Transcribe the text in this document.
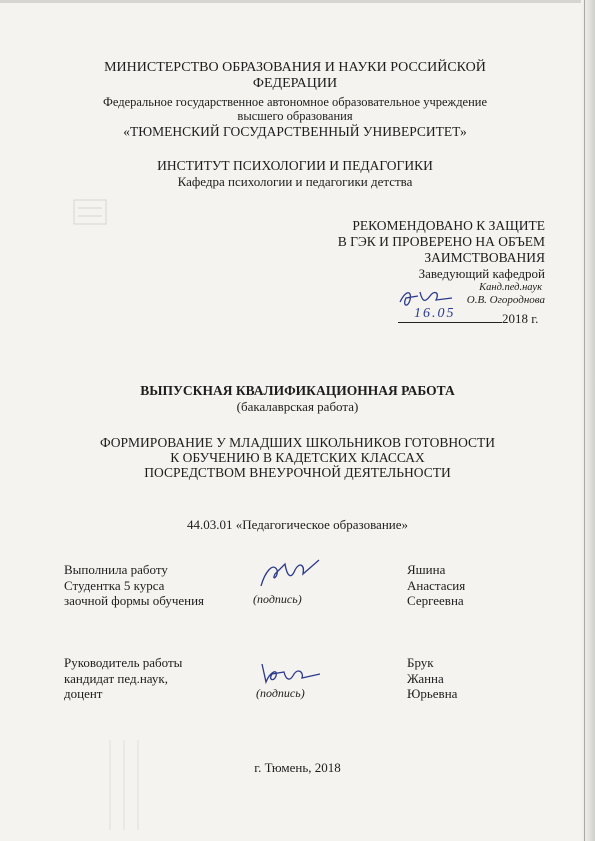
МИНИСТЕРСТВО ОБРАЗОВАНИЯ И НАУКИ РОССИЙСКОЙ
ФЕДЕРАЦИИ
Федеральное государственное автономное образовательное учреждение
высшего образования
«ТЮМЕНСКИЙ ГОСУДАРСТВЕННЫЙ УНИВЕРСИТЕТ»
ИНСТИТУТ ПСИХОЛОГИИ И ПЕДАГОГИКИ
Кафедра психологии и педагогики детства
РЕКОМЕНДОВАНО К ЗАЩИТЕ
В ГЭК И ПРОВЕРЕНО НА ОБЪЕМ
ЗАИМСТВОВАНИЯ
Заведующий кафедрой
Канд.пед.наук
О.В. Огороднова
16.05	2018 г.
ВЫПУСКНАЯ КВАЛИФИКАЦИОННАЯ РАБОТА
(бакалаврская работа)
ФОРМИРОВАНИЕ У МЛАДШИХ ШКОЛЬНИКОВ ГОТОВНОСТИ
К ОБУЧЕНИЮ В КАДЕТСКИХ КЛАССАХ
ПОСРЕДСТВОМ ВНЕУРОЧНОЙ ДЕЯТЕЛЬНОСТИ
44.03.01 «Педагогическое образование»
Выполнила работу
Студентка 5 курса
заочной формы обучения	(подпись)
Яшина
Анастасия
Сергеевна
Руководитель работы
кандидат пед.наук,
доцент	(подпись)
Брук
Жанна
Юрьевна
г. Тюмень, 2018
